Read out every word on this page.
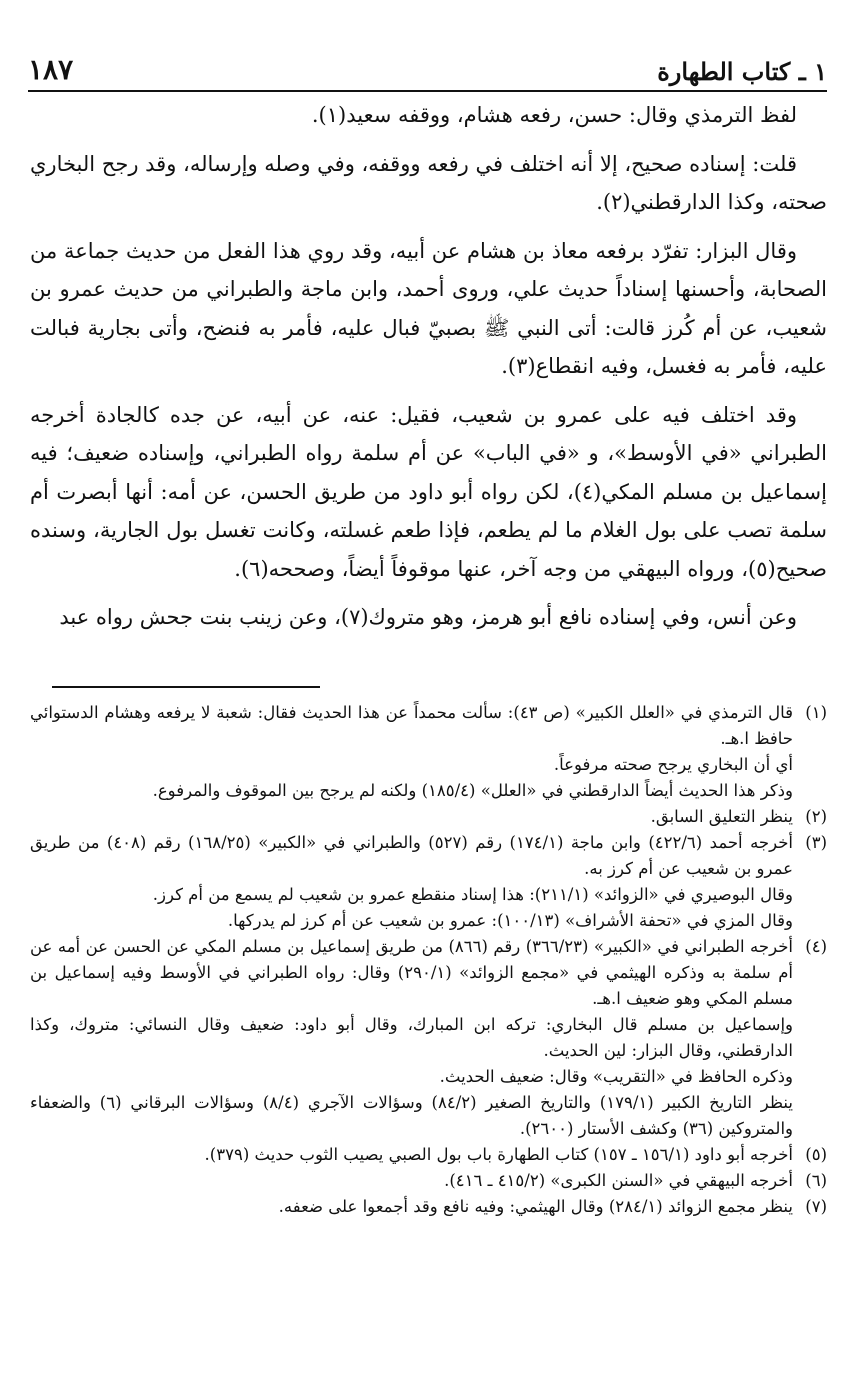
١ ـ كتاب الطهارة
١٨٧

لفظ الترمذي وقال: حسن، رفعه هشام، ووقفه سعيد(١).

قلت: إسناده صحيح، إلا أنه اختلف في رفعه ووقفه، وفي وصله وإرساله، وقد رجح البخاري صحته، وكذا الدارقطني(٢).

وقال البزار: تفرّد برفعه معاذ بن هشام عن أبيه، وقد روي هذا الفعل من حديث جماعة من الصحابة، وأحسنها إسناداً حديث علي، وروى أحمد، وابن ماجة والطبراني من حديث عمرو بن شعيب، عن أم كُرز قالت: أتى النبي ﷺ بصبيّ فبال عليه، فأمر به فنضح، وأتى بجارية فبالت عليه، فأمر به فغسل، وفيه انقطاع(٣).

وقد اختلف فيه على عمرو بن شعيب، فقيل: عنه، عن أبيه، عن جده كالجادة أخرجه الطبراني «في الأوسط»، و «في الباب» عن أم سلمة رواه الطبراني، وإسناده ضعيف؛ فيه إسماعيل بن مسلم المكي(٤)، لكن رواه أبو داود من طريق الحسن، عن أمه: أنها أبصرت أم سلمة تصب على بول الغلام ما لم يطعم، فإذا طعم غسلته، وكانت تغسل بول الجارية، وسنده صحيح(٥)، ورواه البيهقي من وجه آخر، عنها موقوفاً أيضاً، وصححه(٦).

وعن أنس، وفي إسناده نافع أبو هرمز، وهو متروك(٧)، وعن زينب بنت جحش رواه عبد

(١)
قال الترمذي في «العلل الكبير» (ص ٤٣): سألت محمداً عن هذا الحديث فقال: شعبة لا يرفعه وهشام الدستوائي حافظ ا.هـ.
أي أن البخاري يرجح صحته مرفوعاً.
وذكر هذا الحديث أيضاً الدارقطني في «العلل» (١٨٥/٤) ولكنه لم يرجح بين الموقوف والمرفوع.
(٢)
ينظر التعليق السابق.
(٣)
أخرجه أحمد (٤٢٢/٦) وابن ماجة (١٧٤/١) رقم (٥٢٧) والطبراني في «الكبير» (١٦٨/٢٥) رقم (٤٠٨) من طريق عمرو بن شعيب عن أم كرز به.
وقال البوصيري في «الزوائد» (٢١١/١): هذا إسناد منقطع عمرو بن شعيب لم يسمع من أم كرز.
وقال المزي في «تحفة الأشراف» (١٠٠/١٣): عمرو بن شعيب عن أم كرز لم يدركها.
(٤)
أخرجه الطبراني في «الكبير» (٣٦٦/٢٣) رقم (٨٦٦) من طريق إسماعيل بن مسلم المكي عن الحسن عن أمه عن أم سلمة به وذكره الهيثمي في «مجمع الزوائد» (٢٩٠/١) وقال: رواه الطبراني في الأوسط وفيه إسماعيل بن مسلم المكي وهو ضعيف ا.هـ.
وإسماعيل بن مسلم قال البخاري: تركه ابن المبارك، وقال أبو داود: ضعيف وقال النسائي: متروك، وكذا الدارقطني، وقال البزار: لين الحديث.
وذكره الحافظ في «التقريب» وقال: ضعيف الحديث.
ينظر التاريخ الكبير (١٧٩/١) والتاريخ الصغير (٨٤/٢) وسؤالات الآجري (٨/٤) وسؤالات البرقاني (٦) والضعفاء والمتروكين (٣٦) وكشف الأستار (٢٦٠٠).
(٥)
أخرجه أبو داود (١٥٦/١ ـ ١٥٧) كتاب الطهارة باب بول الصبي يصيب الثوب حديث (٣٧٩).
(٦)
أخرجه البيهقي في «السنن الكبرى» (٤١٥/٢ ـ ٤١٦).
(٧)
ينظر مجمع الزوائد (٢٨٤/١) وقال الهيثمي: وفيه نافع وقد أجمعوا على ضعفه.
